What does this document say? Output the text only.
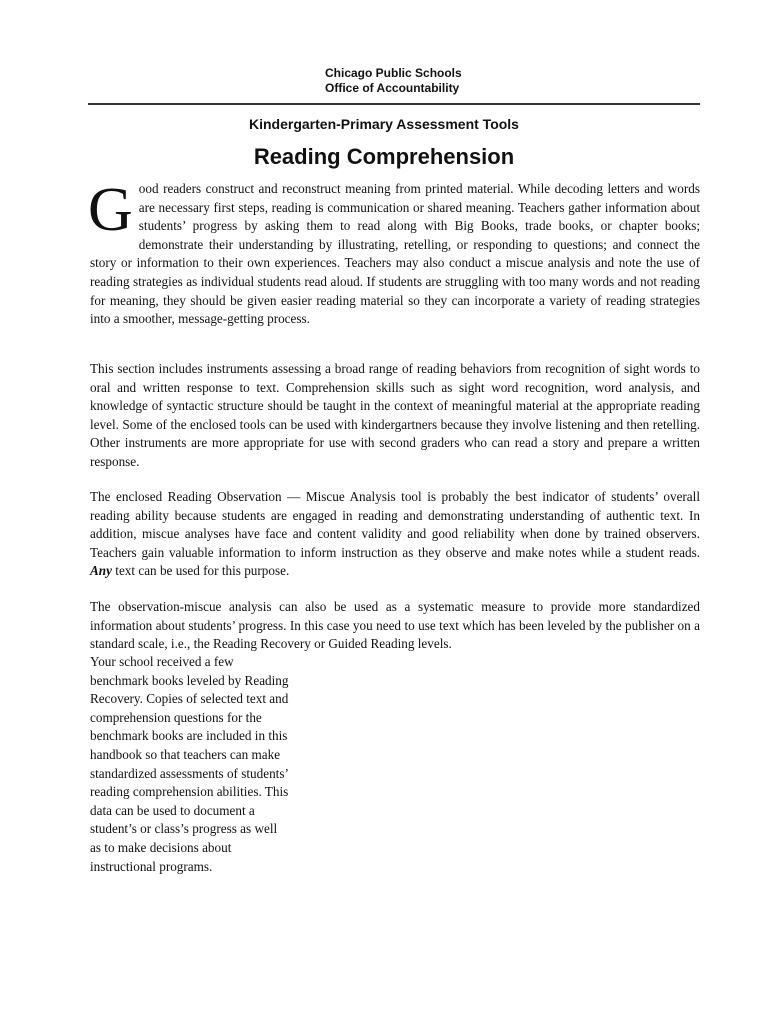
Chicago Public Schools
Office of Accountability
Kindergarten-Primary Assessment Tools
Reading Comprehension
Good readers construct and reconstruct meaning from printed material. While decoding letters and words are necessary first steps, reading is communication or shared meaning. Teachers gather information about students’ progress by asking them to read along with Big Books, trade books, or chapter books; demonstrate their understanding by illustrating, retelling, or responding to questions; and connect the story or information to their own experiences. Teachers may also conduct a miscue analysis and note the use of reading strategies as individual students read aloud. If students are struggling with too many words and not reading for meaning, they should be given easier reading material so they can incorporate a variety of reading strategies into a smoother, message-getting process.
This section includes instruments assessing a broad range of reading behaviors from recognition of sight words to oral and written response to text. Comprehension skills such as sight word recognition, word analysis, and knowledge of syntactic structure should be taught in the context of meaningful material at the appropriate reading level. Some of the enclosed tools can be used with kindergartners because they involve listening and then retelling. Other instruments are more appropriate for use with second graders who can read a story and prepare a written response.
The enclosed Reading Observation — Miscue Analysis tool is probably the best indicator of students’ overall reading ability because students are engaged in reading and demonstrating understanding of authentic text. In addition, miscue analyses have face and content validity and good reliability when done by trained observers. Teachers gain valuable information to inform instruction as they observe and make notes while a student reads. Any text can be used for this purpose.
The observation-miscue analysis can also be used as a systematic measure to provide more standardized information about students’ progress. In this case you need to use text which has been leveled by the publisher on a standard scale, i.e., the Reading Recovery or Guided Reading levels.
Your school received a few benchmark books leveled by Reading Recovery. Copies of selected text and comprehension questions for the benchmark books are included in this handbook so that teachers can make standardized assessments of students’ reading comprehension abilities. This data can be used to document a student’s or class’s progress as well as to make decisions about instructional programs.
